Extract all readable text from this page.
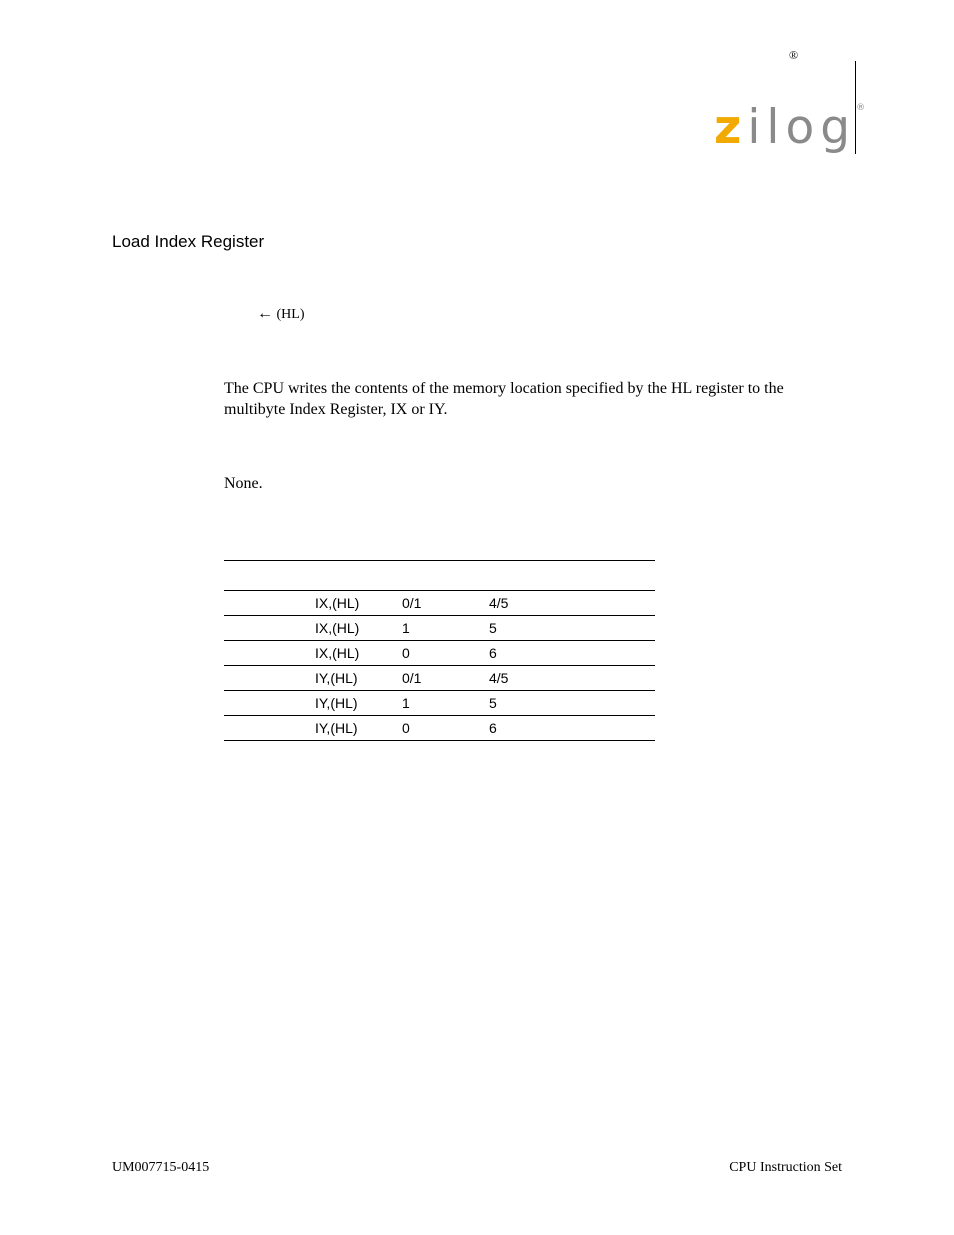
®
zilog®
Load Index Register
← (HL)
The CPU writes the contents of the memory location specified by the HL register to the multibyte Index Register, IX or IY.
None.

	IX,(HL)	0/1	4/5
	IX,(HL)	1	5
	IX,(HL)	0	6
	IY,(HL)	0/1	4/5
	IY,(HL)	1	5
	IY,(HL)	0	6
UM007715-0415	CPU Instruction Set
